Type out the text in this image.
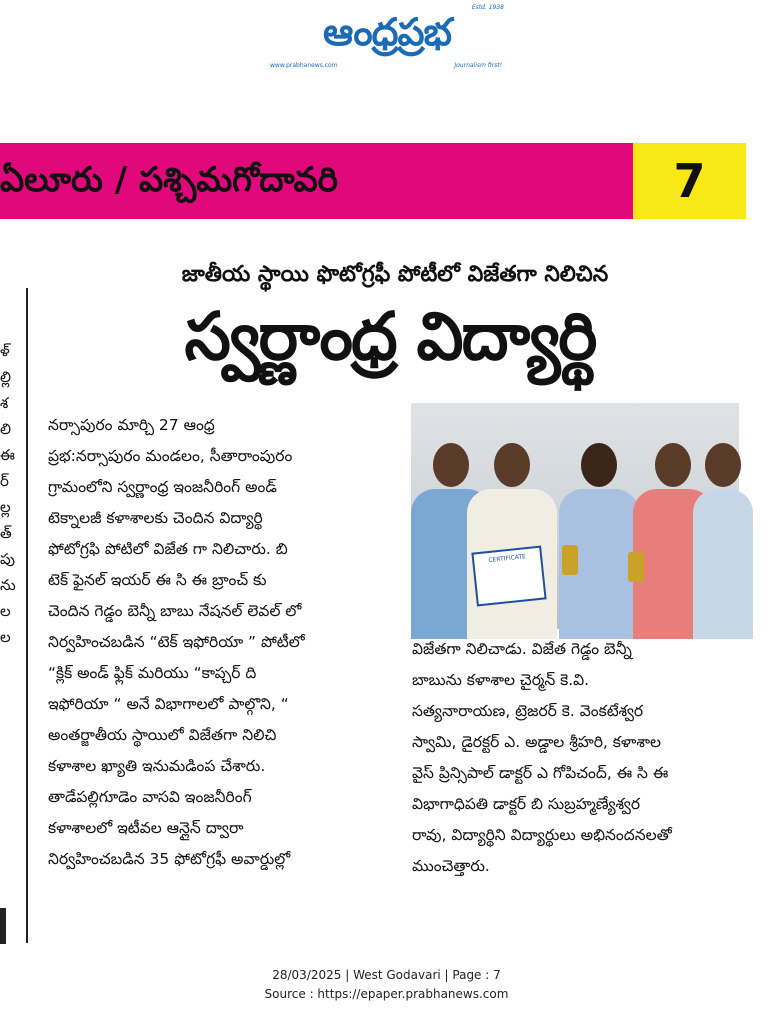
Estd. 1938
ఆంధ్రప్రభ
www.prabhanews.com	Journalism first!
ఏలూరు / పశ్చిమగోదావరి	7
జాతీయ స్థాయి ఫొటోగ్రఫీ పోటీలో విజేతగా నిలిచిన
స్వర్ణాంధ్ర విద్యార్థి
ళ్
ల్లి
శ
లి
ఈ
ర్
ల్ల
త్
పు
ను
ల
ల

నర్సాపురం మార్చి 27 ఆంధ్ర

ప్రభ:నర్సాపురం మండలం, సీతారాంపురం

గ్రామంలోని స్వర్ణాంధ్ర ఇంజనీరింగ్ అండ్

టెక్నాలజీ కళాశాలకు చెందిన విద్యార్థి

ఫోటోగ్రఫి పోటిలో విజేత గా నిలిచారు. బి

టెక్ ఫైనల్ ఇయర్ ఈ సి ఈ బ్రాంచ్ కు

చెందిన గెడ్డం బెన్నీ బాబు నేషనల్ లెవల్ లో

నిర్వహించబడిన “టెక్ ఇఫోరియా ” పోటీలో

“క్లిక్ అండ్ ఫ్లిక్ మరియు “కాప్చర్ ది

ఇఫోరియా “ అనే విభాగాలలో పాల్గొని, “

అంతర్జాతీయ స్థాయిలో విజేతగా నిలిచి

కళాశాల ఖ్యాతి ఇనుమడింప చేశారు.

తాడేపల్లిగూడెం వాసవి ఇంజనీరింగ్

కళాశాలలో ఇటీవల ఆన్లైన్ ద్వారా

నిర్వహించబడిన 35 ఫోటోగ్రఫీ అవార్డుల్లో

CERTIFICATE

విజేతగా నిలిచాడు. విజేత గెడ్డం బెన్నీ

బాబును కళాశాల చైర్మన్ కె.వి.

సత్యనారాయణ, ట్రెజరర్ కె. వెంకటేశ్వర

స్వామి, డైరక్టర్ ఎ. అడ్డాల శ్రీహరి, కళాశాల

వైస్ ప్రిన్సిపాల్ డాక్టర్ ఎ గోపిచంద్, ఈ సి ఈ

విభాగాధిపతి డాక్టర్ బి సుబ్రహ్మణ్యేశ్వర

రావు, విద్యార్థిని విద్యార్థులు అభినందనలతో

ముంచెత్తారు.

28/03/2025 | West Godavari | Page : 7
Source : https://epaper.prabhanews.com
